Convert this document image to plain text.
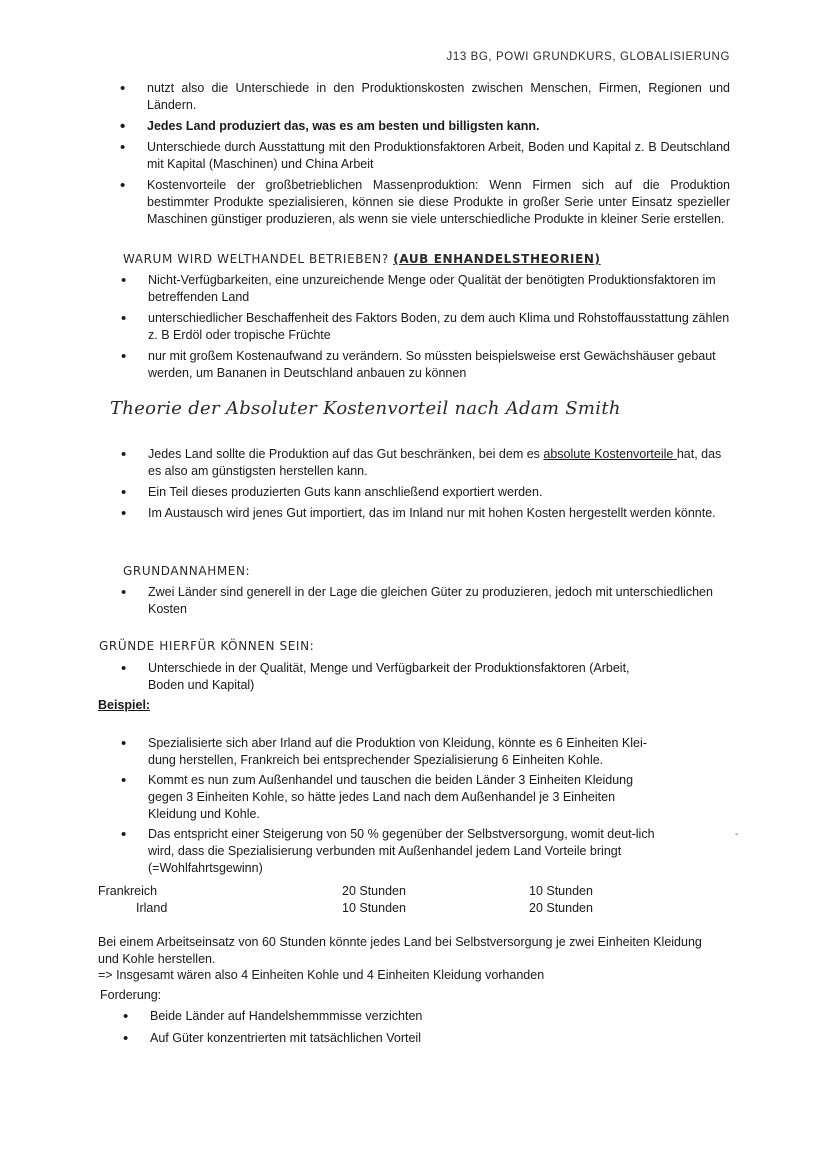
J13 BG, POWI GRUNDKURS, GLOBALISIERUNG
• nutzt also die Unterschiede in den Produktionskosten zwischen Menschen, Firmen, Regionen und Ländern.
• Jedes Land produziert das, was es am besten und billigsten kann.
• Unterschiede durch Ausstattung mit den Produktionsfaktoren Arbeit, Boden und Kapital z. B Deutschland mit Kapital (Maschinen) und China Arbeit
• Kostenvorteile der großbetrieblichen Massenproduktion: Wenn Firmen sich auf die Produktion bestimmter Produkte spezialisieren, können sie diese Produkte in großer Serie unter Einsatz spezieller Maschinen günstiger produzieren, als wenn sie viele unterschiedliche Produkte in kleiner Serie erstellen.
WARUM WIRD WELTHANDEL BETRIEBEN? (AUB ENHANDELSTHEORIEN)
• Nicht-Verfügbarkeiten, eine unzureichende Menge oder Qualität der benötigten Produktionsfaktoren im betreffenden Land
• unterschiedlicher Beschaffenheit des Faktors Boden, zu dem auch Klima und Rohstoffausstattung zählen z. B Erdöl oder tropische Früchte
• nur mit großem Kostenaufwand zu verändern. So müssten beispielsweise erst Gewächshäuser gebaut werden, um Bananen in Deutschland anbauen zu können
Theorie der Absoluter Kostenvorteil nach Adam Smith
• Jedes Land sollte die Produktion auf das Gut beschränken, bei dem es absolute Kostenvorteile hat, das es also am günstigsten herstellen kann.
• Ein Teil dieses produzierten Guts kann anschließend exportiert werden.
• Im Austausch wird jenes Gut importiert, das im Inland nur mit hohen Kosten hergestellt werden könnte.
GRUNDANNAHMEN:
• Zwei Länder sind generell in der Lage die gleichen Güter zu produzieren, jedoch mit unterschiedlichen Kosten
GRÜNDE HIERFÜR KÖNNEN SEIN:
• Unterschiede in der Qualität, Menge und Verfügbarkeit der Produktionsfaktoren (Arbeit, Boden und Kapital)
Beispiel:
• Spezialisierte sich aber Irland auf die Produktion von Kleidung, könnte es 6 Einheiten Klei-dung herstellen, Frankreich bei entsprechender Spezialisierung 6 Einheiten Kohle.
• Kommt es nun zum Außenhandel und tauschen die beiden Länder 3 Einheiten Kleidung gegen 3 Einheiten Kohle, so hätte jedes Land nach dem Außenhandel je 3 Einheiten Kleidung und Kohle.
• Das entspricht einer Steigerung von 50 % gegenüber der Selbstversorgung, womit deut-lich wird, dass die Spezialisierung verbunden mit Außenhandel jedem Land Vorteile bringt (=Wohlfahrtsgewinn)
-
Frankreich	20 Stunden	10 Stunden
Irland	10 Stunden	20 Stunden
Bei einem Arbeitseinsatz von 60 Stunden könnte jedes Land bei Selbstversorgung je zwei Einheiten Kleidung und Kohle herstellen.
=> Insgesamt wären also 4 Einheiten Kohle und 4 Einheiten Kleidung vorhanden
Forderung:
• Beide Länder auf Handelshemmmisse verzichten
• Auf Güter konzentrierten mit tatsächlichen Vorteil
